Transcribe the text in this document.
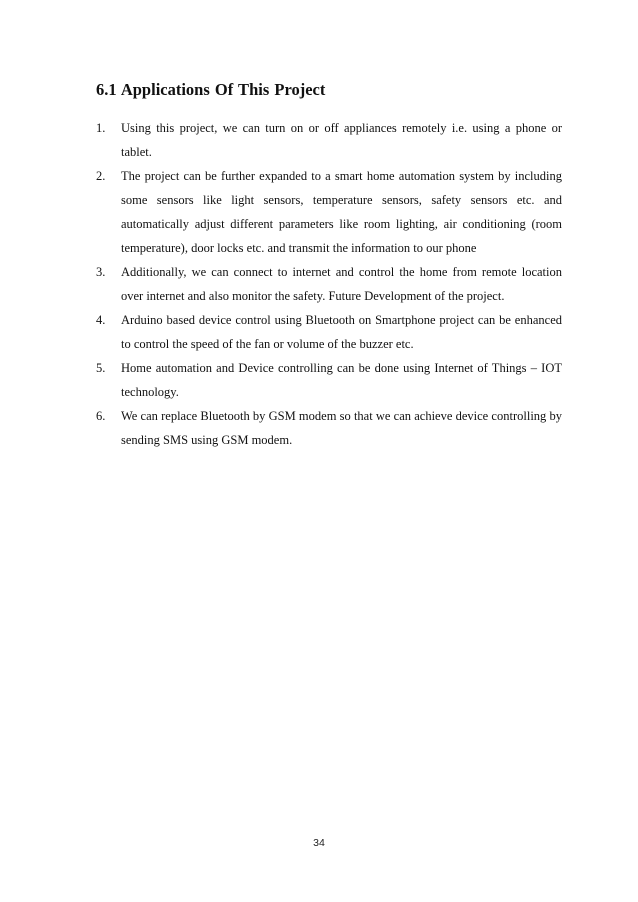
6.1 Applications Of This Project
1. Using this project, we can turn on or off appliances remotely i.e. using a phone or tablet.
2. The project can be further expanded to a smart home automation system by including some sensors like light sensors, temperature sensors, safety sensors etc. and automatically adjust different parameters like room lighting, air conditioning (room temperature), door locks etc. and transmit the information to our phone
3. Additionally, we can connect to internet and control the home from remote location over internet and also monitor the safety. Future Development of the project.
4. Arduino based device control using Bluetooth on Smartphone project can be enhanced to control the speed of the fan or volume of the buzzer etc.
5. Home automation and Device controlling can be done using Internet of Things – IOT technology.
6. We can replace Bluetooth by GSM modem so that we can achieve device controlling by sending SMS using GSM modem.
34
